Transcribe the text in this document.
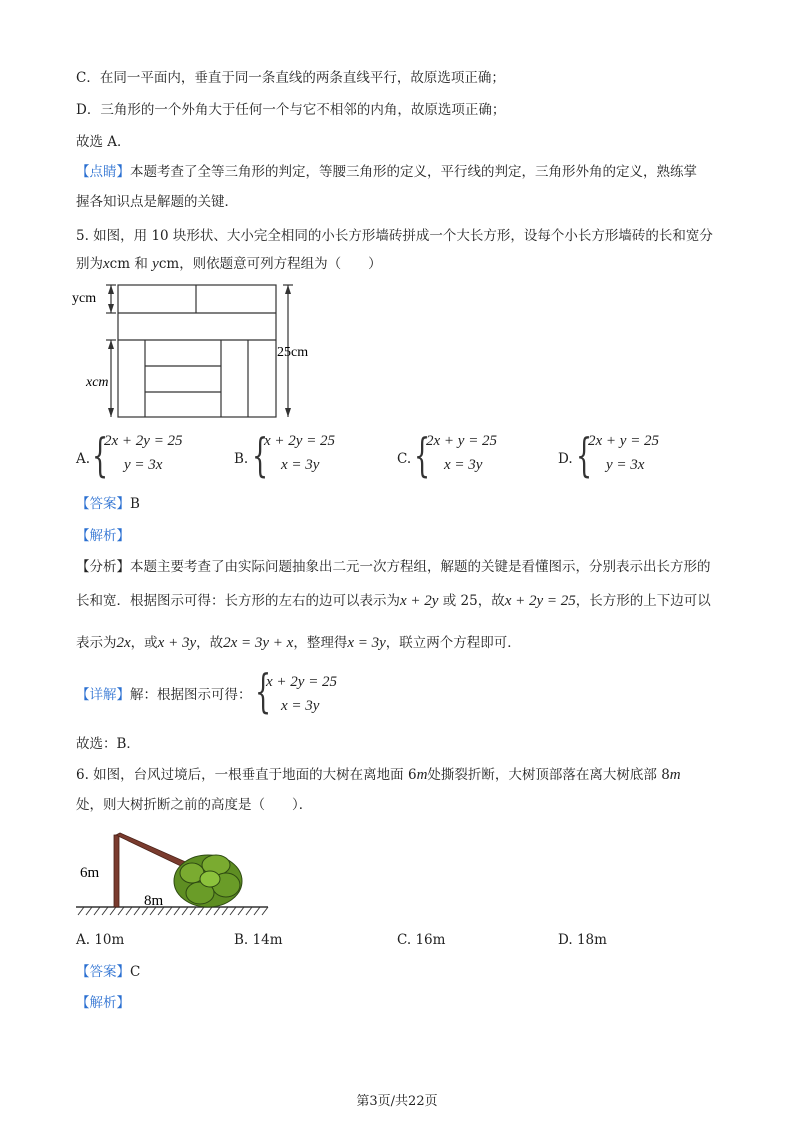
C．在同一平面内，垂直于同一条直线的两条直线平行，故原选项正确；
D．三角形的一个外角大于任何一个与它不相邻的内角，故原选项正确；
故选 A．
【点睛】本题考查了全等三角形的判定，等腰三角形的定义，平行线的判定，三角形外角的定义，熟练掌
握各知识点是解题的关键．
5. 如图，用 10 块形状、大小完全相同的小长方形墙砖拼成一个大长方形，设每个小长方形墙砖的长和宽分
别为xcm 和 ycm，则依题意可列方程组为（　　）
ycm
xcm
25cm
A. {
2x + 2y = 25
y = 3x	B. {
x + 2y = 25
x = 3y	C. {
2x + y = 25
x = 3y	D. {
2x + y = 25
y = 3x
【答案】B
【解析】
【分析】本题主要考查了由实际问题抽象出二元一次方程组，解题的关键是看懂图示，分别表示出长方形的
长和宽．根据图示可得：长方形的左右的边可以表示为x + 2y 或 25，故x + 2y = 25，长方形的上下边可以
表示为2x，或x + 3y，故2x = 3y + x，整理得x = 3y，联立两个方程即可．
【详解】解：根据图示可得： {
x + 2y = 25
x = 3y
故选：B．
6. 如图，台风过境后，一根垂直于地面的大树在离地面 6m处撕裂折断，大树顶部落在离大树底部 8m
处，则大树折断之前的高度是（　　）．
6m
8m
A. 10m	B. 14m	C. 16m	D. 18m
【答案】C
【解析】
第3页/共22页
